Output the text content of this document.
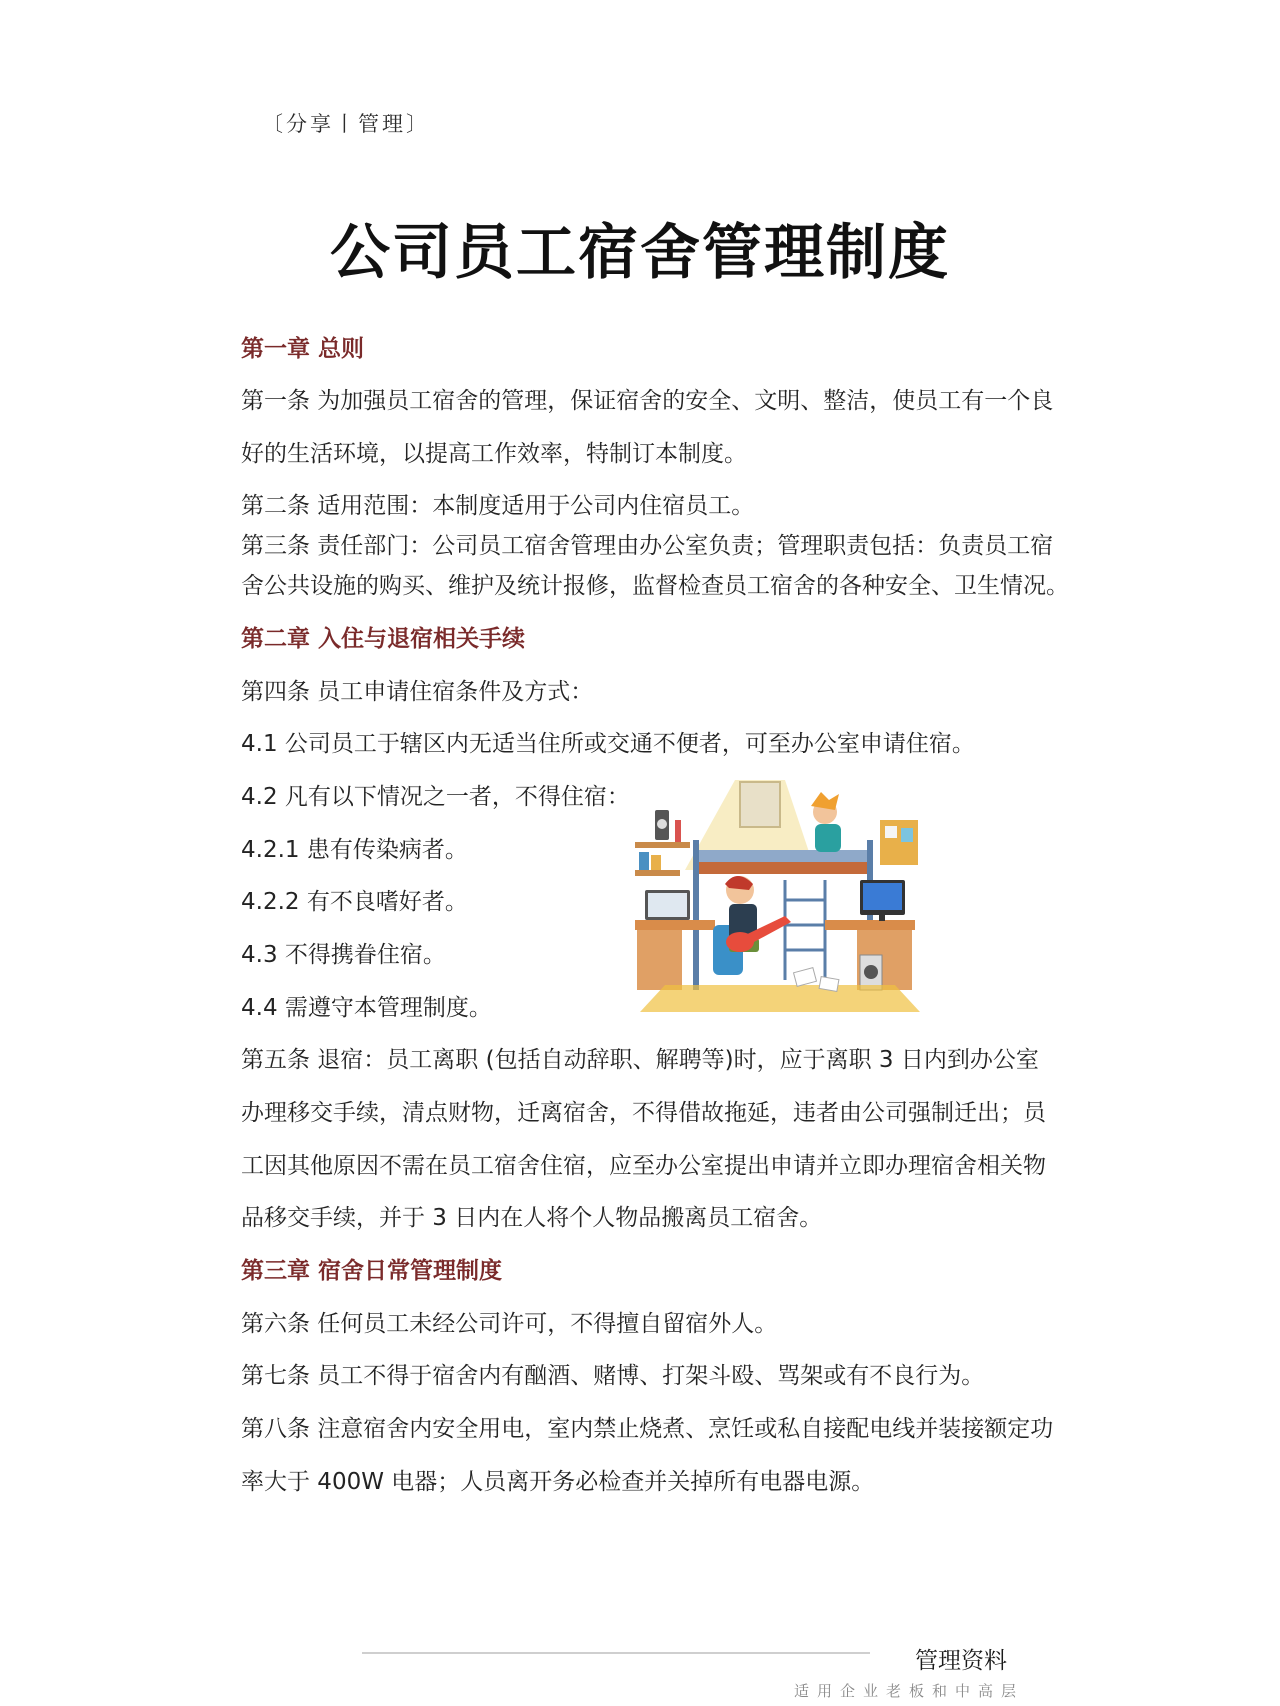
〔分享丨管理〕
公司员工宿舍管理制度
第一章 总则
第一条 为加强员工宿舍的管理，保证宿舍的安全、文明、整洁，使员工有一个良
好的生活环境，以提高工作效率，特制订本制度。
第二条 适用范围：本制度适用于公司内住宿员工。
第三条 责任部门：公司员工宿舍管理由办公室负责；管理职责包括：负责员工宿
舍公共设施的购买、维护及统计报修，监督检查员工宿舍的各种安全、卫生情况。
第二章 入住与退宿相关手续
第四条 员工申请住宿条件及方式：
4.1 公司员工于辖区内无适当住所或交通不便者，可至办公室申请住宿。
4.2 凡有以下情况之一者，不得住宿：
4.2.1 患有传染病者。
4.2.2 有不良嗜好者。
4.3 不得携眷住宿。
4.4 需遵守本管理制度。
第五条 退宿：员工离职 (包括自动辞职、解聘等)时，应于离职 3 日内到办公室
办理移交手续，清点财物，迁离宿舍，不得借故拖延，违者由公司强制迁出；员
工因其他原因不需在员工宿舍住宿，应至办公室提出申请并立即办理宿舍相关物
品移交手续，并于 3 日内在人将个人物品搬离员工宿舍。
第三章 宿舍日常管理制度
第六条 任何员工未经公司许可，不得擅自留宿外人。
第七条 员工不得于宿舍内有酗酒、赌博、打架斗殴、骂架或有不良行为。
第八条 注意宿舍内安全用电，室内禁止烧煮、烹饪或私自接配电线并装接额定功
率大于 400W 电器；人员离开务必检查并关掉所有电器电源。
管理资料
适用企业老板和中高层
